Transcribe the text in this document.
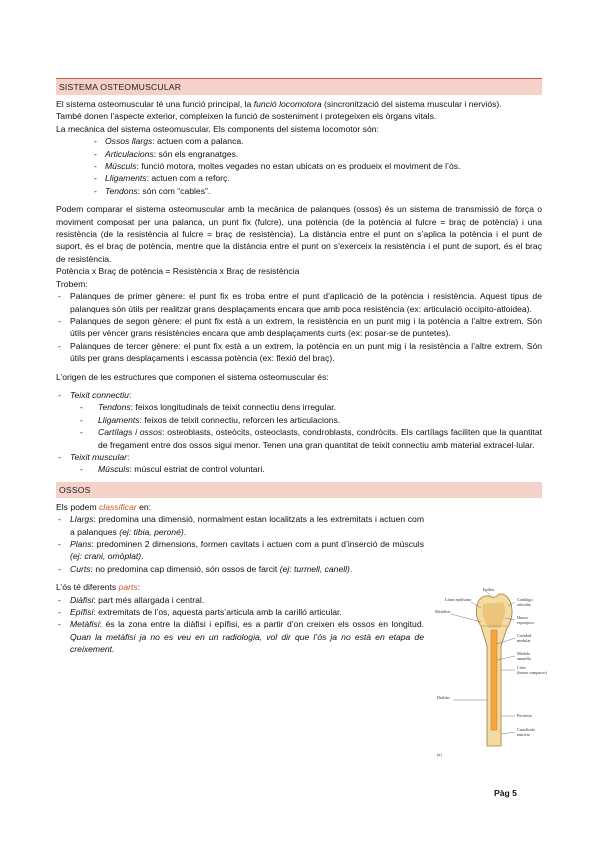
SISTEMA OSTEOMUSCULAR

El sistema osteomuscular té una funció principal, la funció locomotora (sincronització del sistema muscular i nerviós).

També donen l’aspecte exterior, compleixen la funció de sosteniment i protegeixen els òrgans vitals.

La mecànica del sistema osteomuscular. Els components del sistema locomotor són:

- Ossos llargs: actuen com a palanca.
- Articulacions: són els engranatges.
- Músculs: funció motora, moltes vegades no estan ubicats on es produeix el moviment de l’ós.
- Lligaments: actuen com a reforç.
- Tendons: són com “cables”.

Podem comparar el sistema osteomuscular amb la mecànica de palanques (ossos) és un sistema de transmissió de força o moviment composat per una palanca, un punt fix (fulcre), una potència (de la potència al fulcre = braç de potència) i una resistència (de la resistència al fulcre = braç de resistència). La distància entre el punt on s’aplica la potència i el punt de suport, és el braç de potència, mentre que la distància entre el punt on s’exerceix la resistència i el punt de suport, és el braç de resistència.

Potència x Braç de potència = Resistència x Braç de resistència

Trobem:

- Palanques de primer gènere: el punt fix es troba entre el punt d’aplicació de la potència i resistència. Aquest tipus de palanques són útils per realitzar grans desplaçaments encara que amb poca resistència (ex: articulació occipito-atloidea).
- Palanques de segon gènere: el punt fix està a un extrem, la resistència en un punt mig i la potència a l’altre extrem. Són útils per vèncer grans resistències encara que amb desplaçaments curts (ex: posar-se de puntetes).
- Palanques de tercer gènere: el punt fix està a un extrem, la potència en un punt mig i la resistència a l’altre extrem. Són útils per grans desplaçaments i escassa potència (ex: flexió del braç).

L’origen de les estructures que componen el sistema osteomuscular és:

- Teixit connectiu:
- Tendons: feixos longitudinals de teixit connectiu dens irregular.
- Lligaments: feixos de teixit connectiu, reforcen les articulacions.
- Cartílags i ossos: osteoblasts, osteòcits, osteoclasts, condroblasts, condròcits. Els cartílags faciliten que la quantitat de fregament entre dos ossos sigui menor. Tenen una gran quantitat de teixit connectiu amb material extracel·lular.
- Teixit muscular:
- Músculs: múscul estriat de control voluntari.
OSSOS

Els podem classificar en:

- Llargs: predomina una dimensió, normalment estan localitzats a les extremitats i actuen com a palanques (ej: tibia, peroné).
- Plans: predominen 2 dimensions, formen cavitats i actuen com a punt d’inserció de músculs (ej: crani, omòplat).
- Curts: no predomina cap dimensió, són ossos de farcit (ej: turmell, canell).

L’ós té diferents parts:

- Diàfisi: part més allargada i central.
- Epífisi: extremitats de l’os, aquesta parts’articula amb la carilló articular.
- Metàfisi: és la zona entre la diàfisi i epífisi, es a partir d’on creixen els ossos en longitud. Quan la metàfisi ja no es veu en un radiologia, vol dir que l’ós ja no està en etapa de creixement.
Epífisi
Línea epifisaria	Cartílago
articular
Hueso
esponjoso
Metáfisis
Cavidad
medular
Médula
amarilla
Cabo
(hueso compacto)
Diáfisis
Periostio
Canalículo
nutricio
(a)
Pàg 5
